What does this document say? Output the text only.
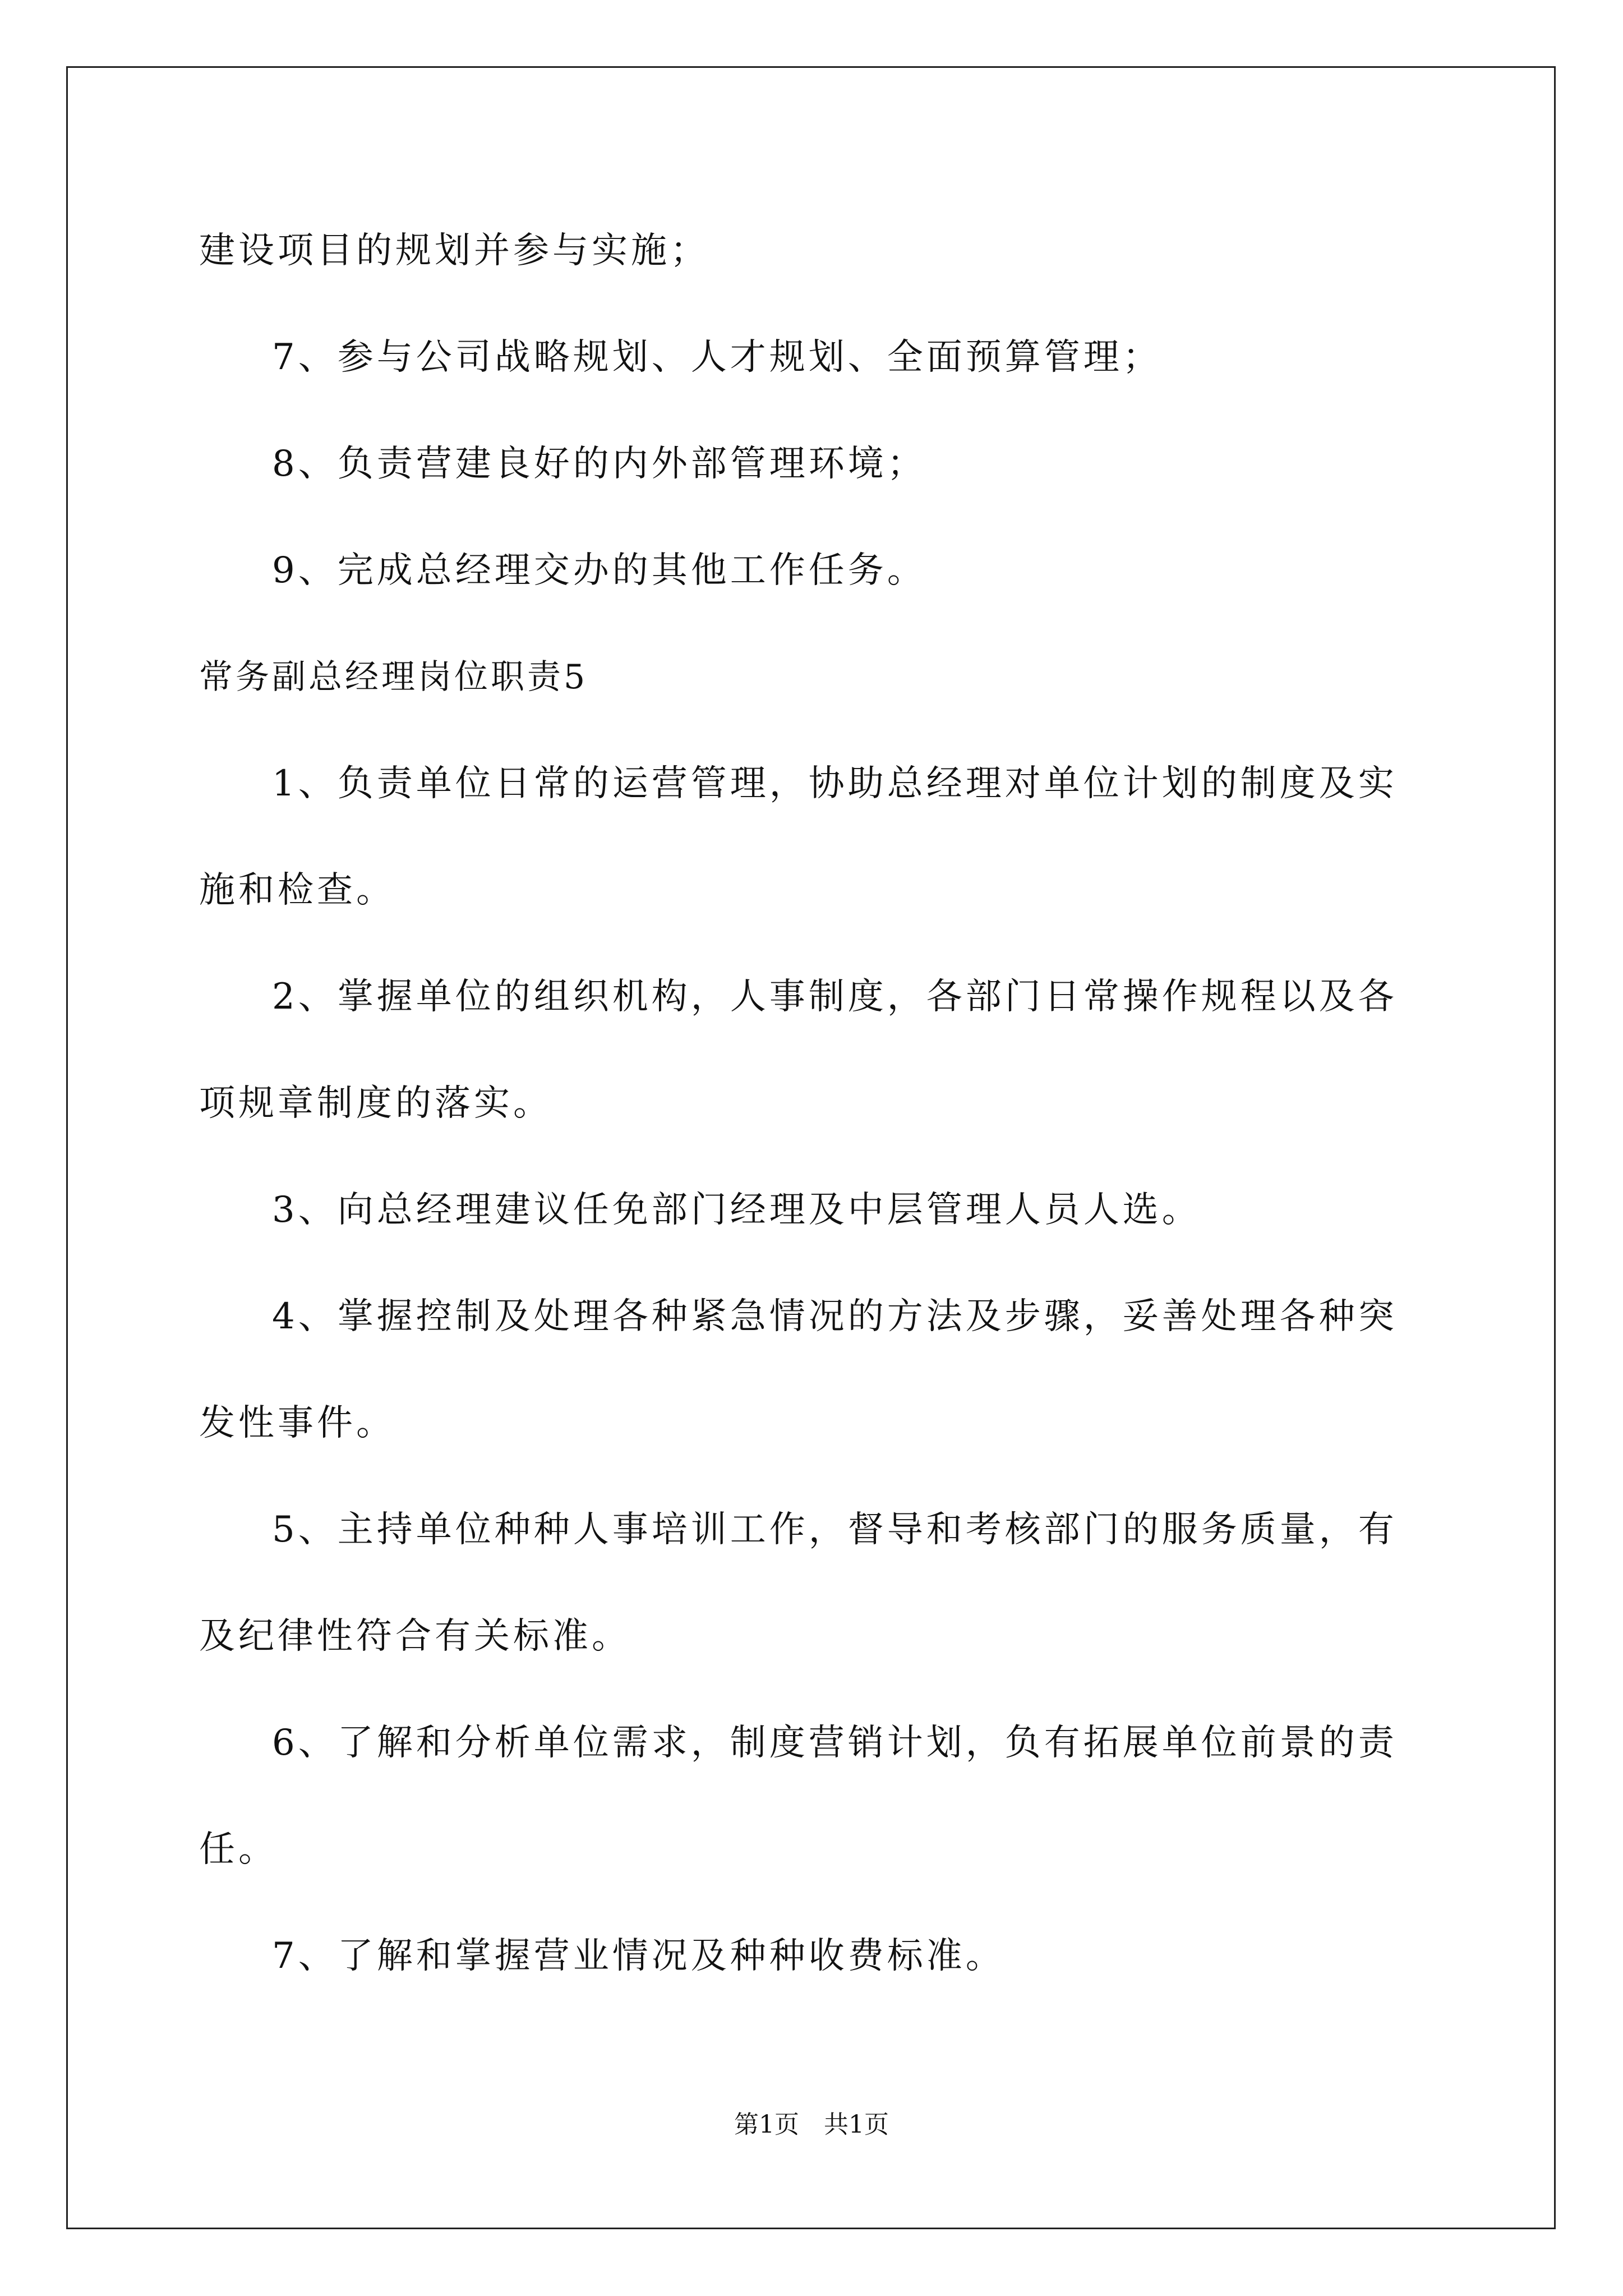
建设项目的规划并参与实施；
7、参与公司战略规划、人才规划、全面预算管理；
8、负责营建良好的内外部管理环境；
9、完成总经理交办的其他工作任务。
常务副总经理岗位职责5
1、负责单位日常的运营管理，协助总经理对单位计划的制度及实
施和检查。
2、掌握单位的组织机构，人事制度，各部门日常操作规程以及各
项规章制度的落实。
3、向总经理建议任免部门经理及中层管理人员人选。
4、掌握控制及处理各种紧急情况的方法及步骤，妥善处理各种突
发性事件。
5、主持单位种种人事培训工作，督导和考核部门的服务质量，有
及纪律性符合有关标准。
6、了解和分析单位需求，制度营销计划，负有拓展单位前景的责
任。
7、了解和掌握营业情况及种种收费标准。
第1页　共1页
